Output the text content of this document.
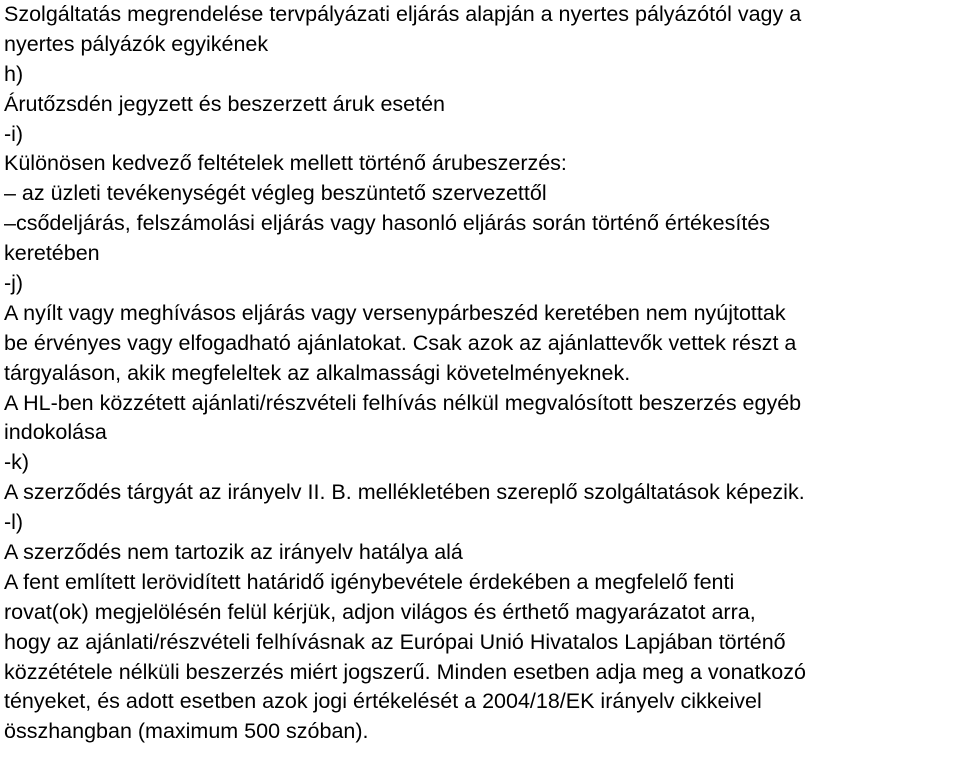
Szolgáltatás megrendelése tervpályázati eljárás alapján a nyertes pályázótól vagy a

nyertes pályázók egyikének

h)

Árutőzsdén jegyzett és beszerzett áruk esetén

-i)

Különösen kedvező feltételek mellett történő árubeszerzés:

– az üzleti tevékenységét végleg beszüntető szervezettől

–csődeljárás, felszámolási eljárás vagy hasonló eljárás során történő értékesítés

keretében

-j)

A nyílt vagy meghívásos eljárás vagy versenypárbeszéd keretében nem nyújtottak

be érvényes vagy elfogadható ajánlatokat. Csak azok az ajánlattevők vettek részt a

tárgyaláson, akik megfeleltek az alkalmassági követelményeknek.

A HL-ben közzétett ajánlati/részvételi felhívás nélkül megvalósított beszerzés egyéb

indokolása

-k)

A szerződés tárgyát az irányelv II. B. mellékletében szereplő szolgáltatások képezik.

-l)

A szerződés nem tartozik az irányelv hatálya alá

A fent említett lerövidített határidő igénybevétele érdekében a megfelelő fenti

rovat(ok) megjelölésén felül kérjük, adjon világos és érthető magyarázatot arra,

hogy az ajánlati/részvételi felhívásnak az Európai Unió Hivatalos Lapjában történő

közzététele nélküli beszerzés miért jogszerű. Minden esetben adja meg a vonatkozó

tényeket, és adott esetben azok jogi értékelését a 2004/18/EK irányelv cikkeivel

összhangban (maximum 500 szóban).
